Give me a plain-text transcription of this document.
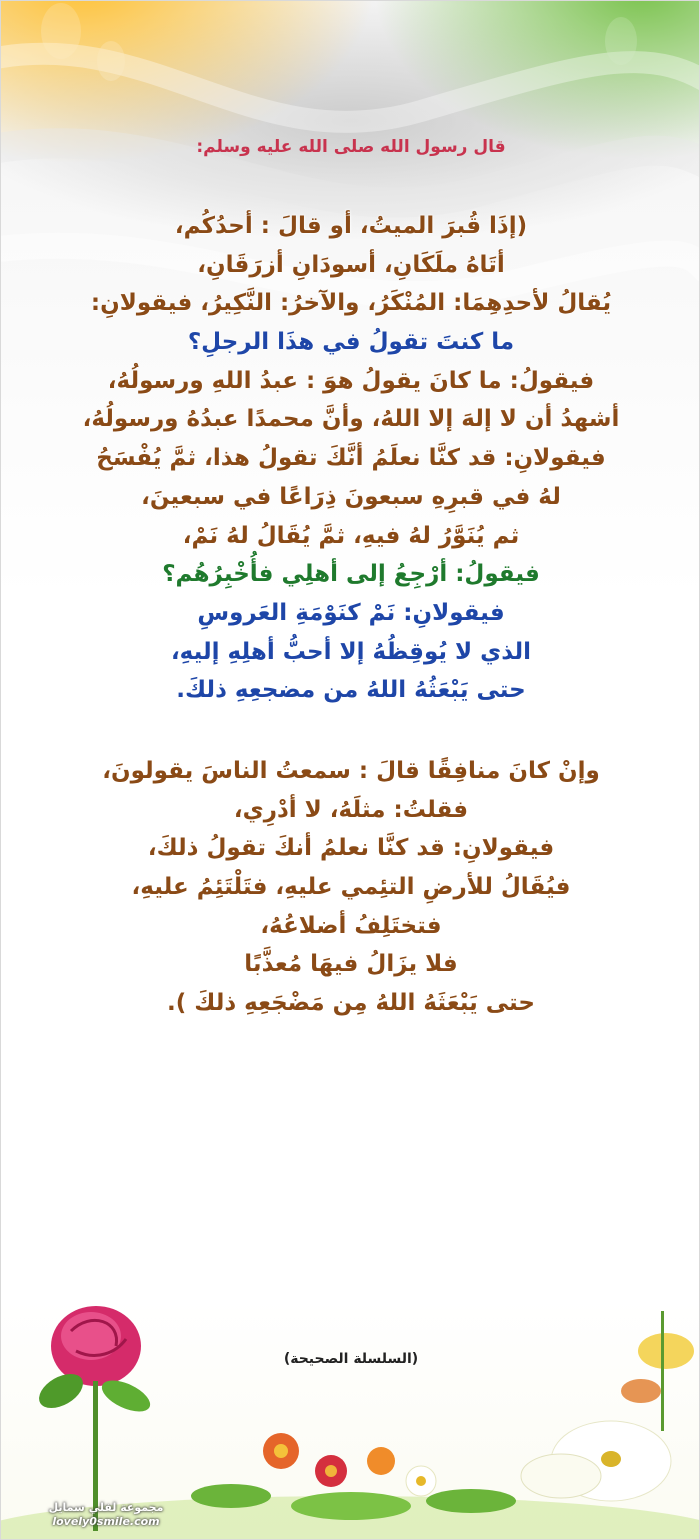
قال رسول الله صلى الله عليه وسلم:
(إذَا قُبرَ الميتُ، أو قالَ : أحدُكُم،
أتَاهُ ملَكَانِ، أسودَانِ أزرَقَانِ،
يُقالُ لأحدِهِمَا: المُنْكَرُ، والآخرُ: النَّكِيرُ، فيقولانِ:
ما كنتَ تقولُ في هذَا الرجلِ؟
فيقولُ: ما كانَ يقولُ هوَ : عبدُ اللهِ ورسولُهُ،
أشهدُ أن لا إلهَ إلا اللهُ، وأنَّ محمدًا عبدُهُ ورسولُهُ،
فيقولانِ: قد كنَّا نعلَمُ أنَّكَ تقولُ هذا، ثمَّ يُفْسَحُ
لهُ في قبرِهِ سبعونَ ذِرَاعًا في سبعينَ،
ثم يُنَوَّرُ لهُ فيهِ، ثمَّ يُقَالُ لهُ نَمْ،
فيقولُ: أرْجِعُ إلى أهلِي فأُخْبِرُهُم؟
فيقولانِ: نَمْ كنَوْمَةِ العَروسِ
الذي لا يُوقِظُهُ إلا أحبُّ أهلِهِ إليهِ،
حتى يَبْعَثُهُ اللهُ من مضجعِهِ ذلكَ.
وإنْ كانَ منافِقًا قالَ : سمعتُ الناسَ يقولونَ،
فقلتُ: مثلَهُ، لا أدْرِي،
فيقولانِ: قد كنَّا نعلمُ أنكَ تقولُ ذلكَ،
فيُقَالُ للأرضِ التئِمي عليهِ، فتَلْتَئِمُ عليهِ،
فتختَلِفُ أضلاعُهُ،
فلا يزَالُ فيهَا مُعذَّبًا
حتى يَبْعَثَهُ اللهُ مِن مَضْجَعِهِ ذلكَ ).
(السلسلة الصحيحة)
مجموعة لفلي سمايل
lovely0smile.com
